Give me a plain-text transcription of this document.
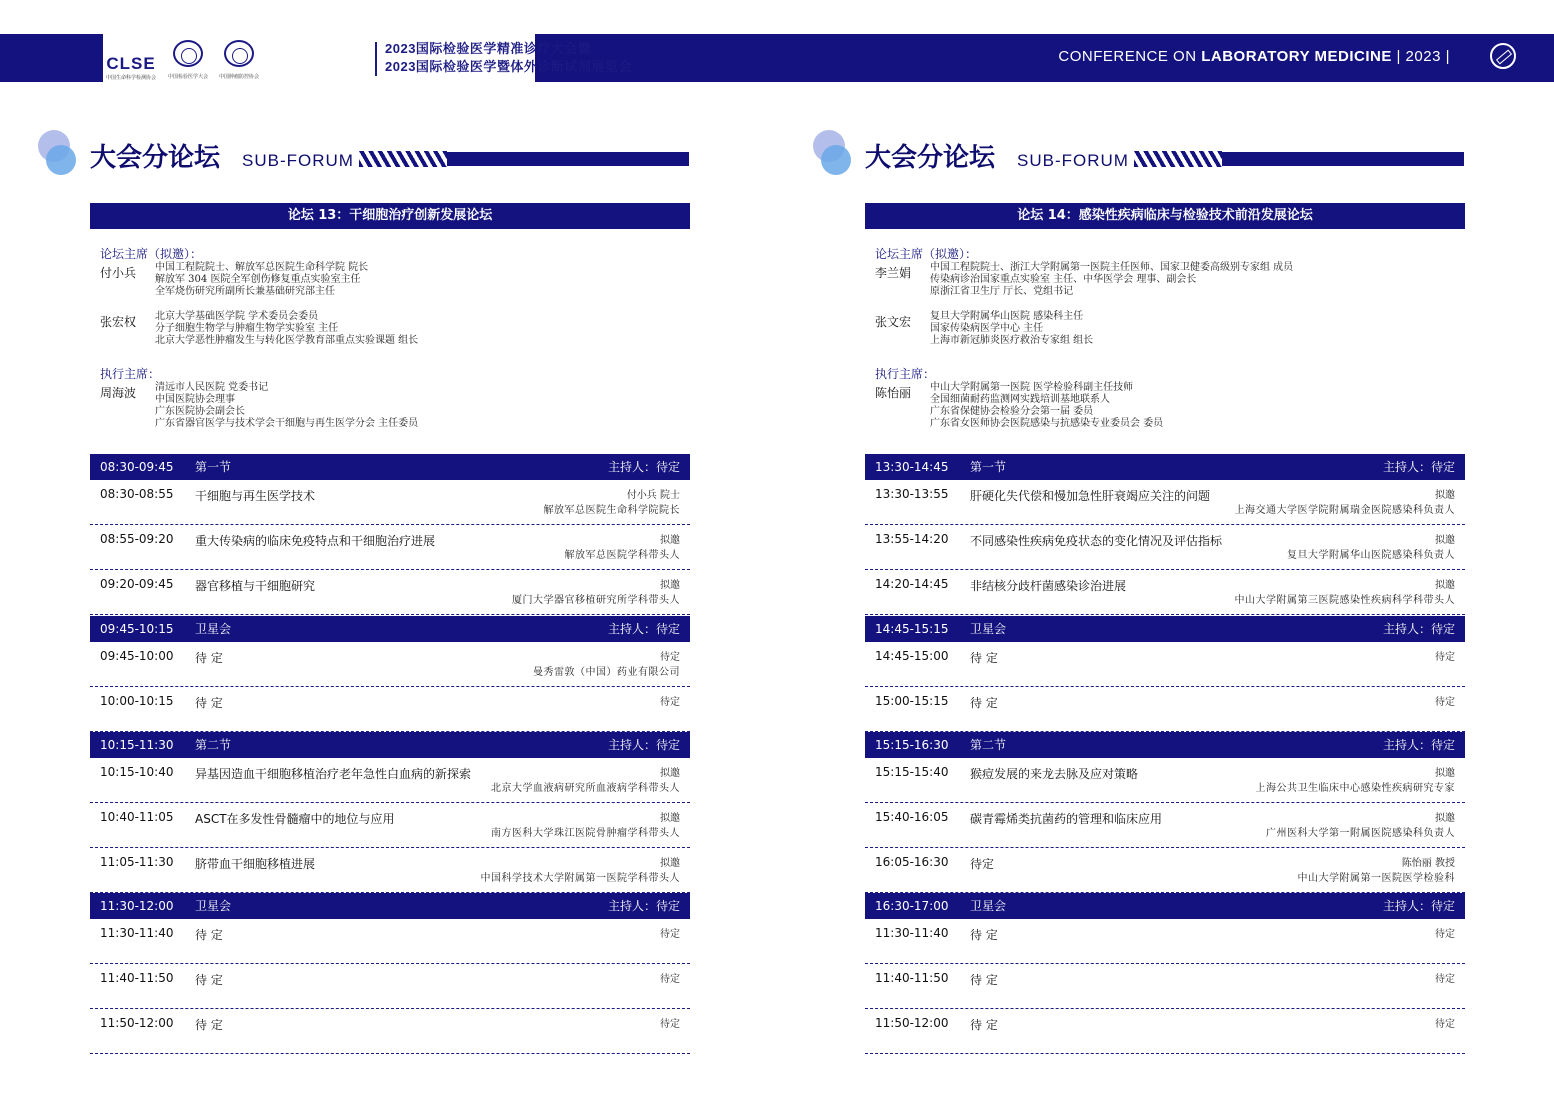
CLSE
中国生命科学检测协会 中国检验医学大会 中国肿瘤防控协会
2023国际检验医学精准诊疗大会暨
2023国际检验医学暨体外诊断试剂展览会
CONFERENCE ON LABORATORY MEDICINE | 2023 |
大会分论坛 SUB-FORUM
论坛 13：干细胞治疗创新发展论坛
论坛主席（拟邀）：
付小兵 中国工程院院士、解放军总医院生命科学院 院长
解放军 304 医院全军创伤修复重点实验室主任
全军烧伤研究所副所长兼基础研究部主任
张宏权 北京大学基础医学院 学术委员会委员
分子细胞生物学与肿瘤生物学实验室 主任
北京大学恶性肿瘤发生与转化医学教育部重点实验课题 组长
执行主席：
周海波 清远市人民医院 党委书记
中国医院协会理事
广东医院协会副会长
广东省器官医学与技术学会干细胞与再生医学分会 主任委员
08:30-09:45 第一节	主持人：待定
08:30-08:55 干细胞与再生医学技术	付小兵 院士
解放军总医院生命科学院院长
08:55-09:20 重大传染病的临床免疫特点和干细胞治疗进展	拟邀
解放军总医院学科带头人
09:20-09:45 器官移植与干细胞研究	拟邀
厦门大学器官移植研究所学科带头人
09:45-10:15 卫星会	主持人：待定
09:45-10:00 待 定	待定
曼秀雷敦（中国）药业有限公司
10:00-10:15 待 定	待定
10:15-11:30 第二节	主持人：待定
10:15-10:40 异基因造血干细胞移植治疗老年急性白血病的新探索	拟邀
北京大学血液病研究所血液病学科带头人
10:40-11:05 ASCT在多发性骨髓瘤中的地位与应用	拟邀
南方医科大学珠江医院骨肿瘤学科带头人
11:05-11:30 脐带血干细胞移植进展	拟邀
中国科学技术大学附属第一医院学科带头人
11:30-12:00 卫星会	主持人：待定
11:30-11:40 待 定	待定
11:40-11:50 待 定	待定
11:50-12:00 待 定	待定
大会分论坛 SUB-FORUM
论坛 14：感染性疾病临床与检验技术前沿发展论坛
论坛主席（拟邀）：
李兰娟 中国工程院院士、浙江大学附属第一医院主任医师、国家卫健委高级别专家组 成员
传染病诊治国家重点实验室 主任、中华医学会 理事、副会长
原浙江省卫生厅 厅长、党组书记
张文宏 复旦大学附属华山医院 感染科主任
国家传染病医学中心 主任
上海市新冠肺炎医疗救治专家组 组长
执行主席：
陈怡丽 中山大学附属第一医院 医学检验科副主任技师
全国细菌耐药监测网实践培训基地联系人
广东省保健协会检验分会第一届 委员
广东省女医师协会医院感染与抗感染专业委员会 委员
13:30-14:45 第一节	主持人：待定
13:30-13:55 肝硬化失代偿和慢加急性肝衰竭应关注的问题	拟邀
上海交通大学医学院附属瑞金医院感染科负责人
13:55-14:20 不同感染性疾病免疫状态的变化情况及评估指标	拟邀
复旦大学附属华山医院感染科负责人
14:20-14:45 非结核分歧杆菌感染诊治进展	拟邀
中山大学附属第三医院感染性疾病科学科带头人
14:45-15:15 卫星会	主持人：待定
14:45-15:00 待 定	待定
15:00-15:15 待 定	待定
15:15-16:30 第二节	主持人：待定
15:15-15:40 猴痘发展的来龙去脉及应对策略	拟邀
上海公共卫生临床中心感染性疾病研究专家
15:40-16:05 碳青霉烯类抗菌药的管理和临床应用	拟邀
广州医科大学第一附属医院感染科负责人
16:05-16:30 待定	陈怡丽 教授
中山大学附属第一医院医学检验科
16:30-17:00 卫星会	主持人：待定
11:30-11:40 待 定	待定
11:40-11:50 待 定	待定
11:50-12:00 待 定	待定
